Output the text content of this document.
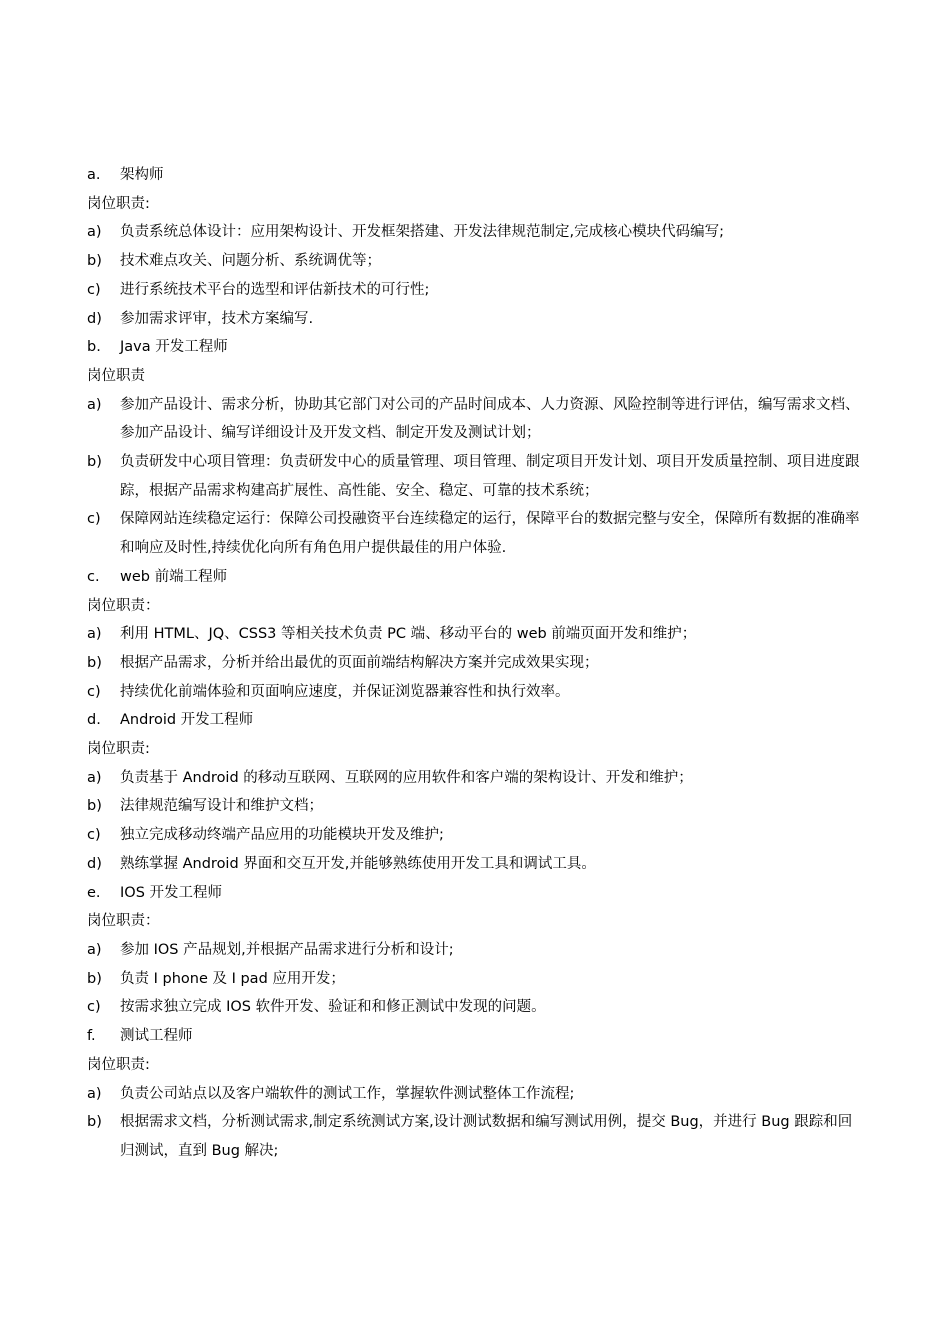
a.	架构师
岗位职责:
a)	负责系统总体设计：应用架构设计、开发框架搭建、开发法律规范制定,完成核心模块代码编写;
b)	技术难点攻关、问题分析、系统调优等；
c)	进行系统技术平台的选型和评估新技术的可行性;
d)	参加需求评审，技术方案编写.
b.	Java 开发工程师
岗位职责
a)	参加产品设计、需求分析，协助其它部门对公司的产品时间成本、人力资源、风险控制等进行评估，编写需求文档、参加产品设计、编写详细设计及开发文档、制定开发及测试计划；
b)	负责研发中心项目管理：负责研发中心的质量管理、项目管理、制定项目开发计划、项目开发质量控制、项目进度跟踪，根据产品需求构建高扩展性、高性能、安全、稳定、可靠的技术系统；
c)	保障网站连续稳定运行：保障公司投融资平台连续稳定的运行，保障平台的数据完整与安全，保障所有数据的准确率和响应及时性,持续优化向所有角色用户提供最佳的用户体验.
c.	web 前端工程师
岗位职责：
a)	利用 HTML、JQ、CSS3 等相关技术负责 PC 端、移动平台的 web 前端页面开发和维护；
b)	根据产品需求，分析并给出最优的页面前端结构解决方案并完成效果实现；
c)	持续优化前端体验和页面响应速度，并保证浏览器兼容性和执行效率。
d.	Android 开发工程师
岗位职责:
a)	负责基于 Android 的移动互联网、互联网的应用软件和客户端的架构设计、开发和维护；
b)	法律规范编写设计和维护文档；
c)	独立完成移动终端产品应用的功能模块开发及维护;
d)	熟练掌握 Android 界面和交互开发,并能够熟练使用开发工具和调试工具。
e.	IOS 开发工程师
岗位职责：
a)	参加 IOS 产品规划,并根据产品需求进行分析和设计;
b)	负责 I phone 及 I pad 应用开发；
c)	按需求独立完成 IOS 软件开发、验证和和修正测试中发现的问题。
f.	测试工程师
岗位职责:
a)	负责公司站点以及客户端软件的测试工作，掌握软件测试整体工作流程;
b)	根据需求文档，分析测试需求,制定系统测试方案,设计测试数据和编写测试用例，提交 Bug，并进行 Bug 跟踪和回归测试，直到 Bug 解决;
